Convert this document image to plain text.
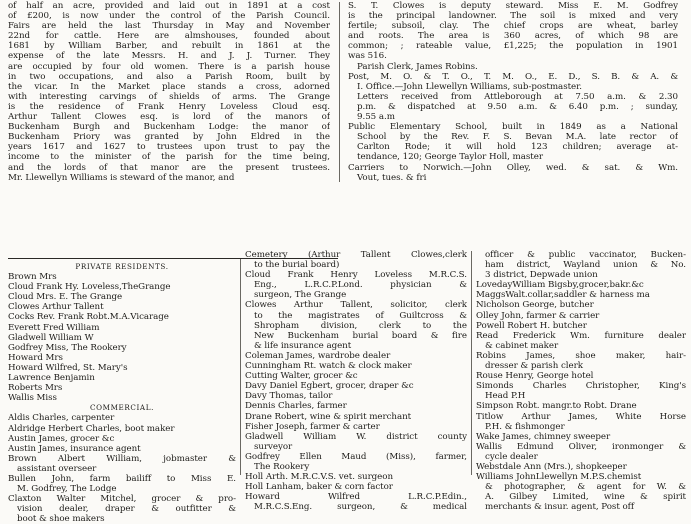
of half an acre, provided and laid out in 1891 at a cost
of £200, is now under the control of the Parish Council.
Fairs are held the last Thursday in May and November
22nd for cattle. Here are almshouses, founded about
1681 by William Barber, and rebuilt in 1861 at the
expense of the late Messrs. H. and J. J. Turner. They
are occupied by four old women. There is a parish house
in two occupations, and also a Parish Room, built by
the vicar. In the Market place stands a cross, adorned
with interesting carvings of shields of arms. The Grange
is the residence of Frank Henry Loveless Cloud esq.
Arthur Tallent Clowes esq. is lord of the manors of
Buckenham Burgh and Buckenham Lodge: the manor of
Buckenham Priory was granted by John Eldred in the
years 1617 and 1627 to trustees upon trust to pay the
income to the minister of the parish for the time being,
and the lords of that manor are the present trustees.
Mr. Llewellyn Williams is steward of the manor, and
S. T. Clowes is deputy steward. Miss E. M. Godfrey
is the principal landowner. The soil is mixed and very
fertile; subsoil, clay. The chief crops are wheat, barley
and roots. The area is 360 acres, of which 98 are
common; ; rateable value, £1,225; the population in 1901
was 516.
Parish Clerk, James Robins.
Post, M. O. & T. O., T. M. O., E. D., S. B. & A. &
I. Office.—John Llewellyn Williams, sub-postmaster.
Letters received from Attleborough at 7.50 a.m. & 2.30
p.m. & dispatched at 9.50 a.m. & 6.40 p.m. ; sunday,
9.55 a.m
Public Elementary School, built in 1849 as a National
School by the Rev. F. S. Bevan M.A. late rector of
Carlton Rode; it will hold 123 children; average at-
tendance, 120; George Taylor Holl, master
Carriers to Norwich.—John Olley, wed. & sat. & Wm.
Vout, tues. & fri
PRIVATE RESIDENTS.
Brown Mrs
Cloud Frank Hy. Loveless,TheGrange
Cloud Mrs. E. The Grange
Clowes Arthur Tallent
Cocks Rev. Frank Robt.M.A.Vicarage
Everett Fred William
Gladwell William W
Godfrey Miss, The Rookery
Howard Mrs
Howard Wilfred, St. Mary's
Lawrence Benjamin
Roberts Mrs
Wallis Miss
COMMERCIAL.
Aldis Charles, carpenter
Aldridge Herbert Charles, boot maker
Austin James, grocer &c
Austin James, insurance agent
Brown Albert William, jobmaster &
assistant overseer
Bullen John, farm bailiff to Miss E.
M. Godfrey, The Lodge
Claxton Walter Mitchel, grocer & pro-
vision dealer, draper & outfitter &
boot & shoe makers
Cemetery (Arthur Tallent Clowes,clerk
to the burial board)
Cloud Frank Henry Loveless M.R.C.S.
Eng., L.R.C.P.Lond. physician &
surgeon, The Grange
Clowes Arthur Tallent, solicitor, clerk
to the magistrates of Guiltcross &
Shropham division, clerk to the
New Buckenham burial board & fire
& life insurance agent
Coleman James, wardrobe dealer
Cunningham Rt. watch & clock maker
Cutting Walter, grocer &c
Davy Daniel Egbert, grocer, draper &c
Davy Thomas, tailor
Dennis Charles, farmer
Drane Robert, wine & spirit merchant
Fisher Joseph, farmer & carter
Gladwell William W. district county
surveyor
Godfrey Ellen Maud (Miss), farmer,
The Rookery
Holl Arth. M.R.C.V.S. vet. surgeon
Holl Lanham, baker & corn factor
Howard Wilfred L.R.C.P.Edin.,
M.R.C.S.Eng. surgeon, & medical
officer & public vaccinator, Bucken-
ham district, Wayland union & No.
3 district, Depwade union
LovedayWilliam Bigsby,grocer,bakr.&c
MaggsWalt.collar,saddler & harness ma
Nicholson George, butcher
Olley John, farmer & carrier
Powell Robert H. butcher
Read Frederick Wm. furniture dealer
& cabinet maker
Robins James, shoe maker, hair-
dresser & parish clerk
Rouse Henry, George hotel
Simonds Charles Christopher, King's
Head P.H
Simpson Robt. mangr.to Robt. Drane
Titlow Arthur James, White Horse
P.H. & fishmonger
Wake James, chimney sweeper
Wallis Edmund Oliver, ironmonger &
cycle dealer
Webstdale Ann (Mrs.), shopkeeper
Williams JohnLlewellyn M.P.S.chemist
& photographer, & agent for W. &
A. Gilbey Limited, wine & spirit
merchants & insur. agent, Post off
